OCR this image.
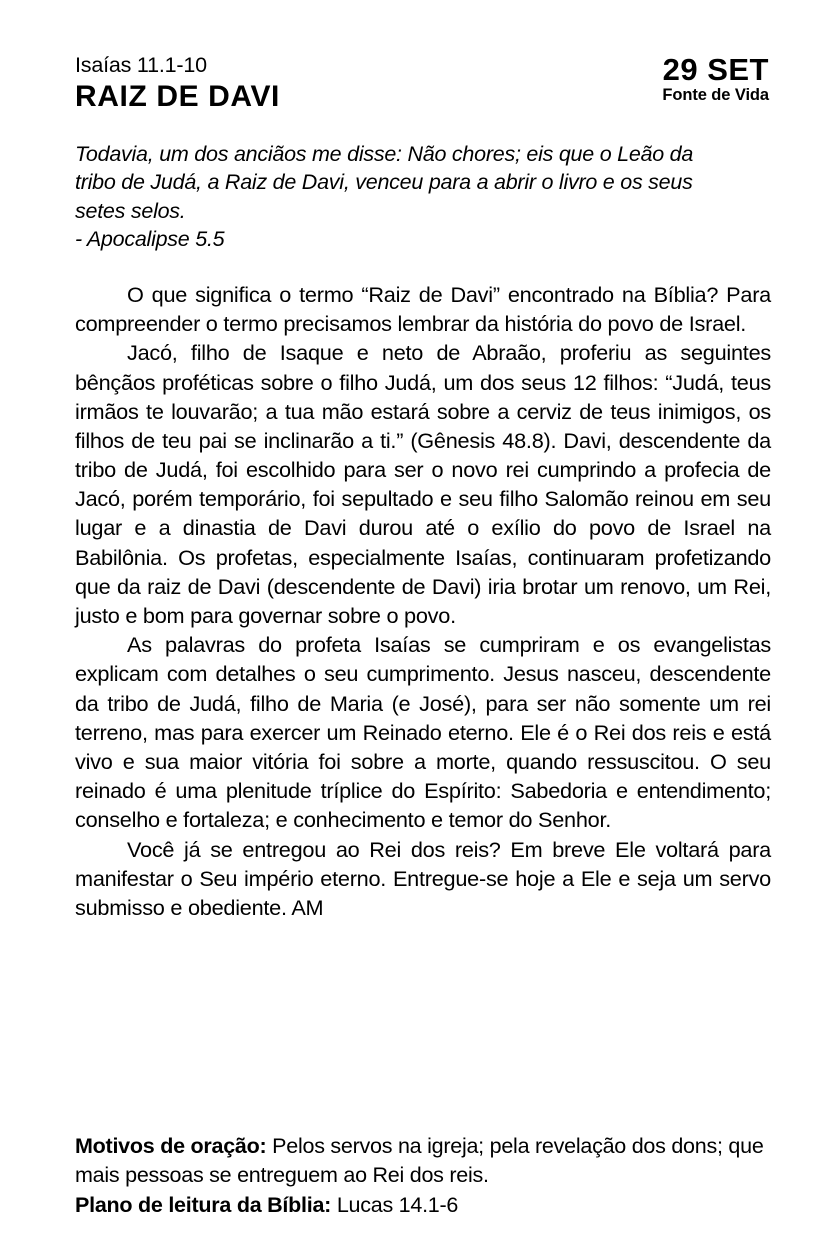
Isaías 11.1-10
RAIZ DE DAVI
29 SET
Fonte de Vida
Todavia, um dos anciãos me disse: Não chores; eis que o Leão da tribo de Judá, a Raiz de Davi, venceu para a abrir o livro e os seus setes selos.
- Apocalipse 5.5

O que significa o termo “Raiz de Davi” encontrado na Bíblia? Para compreender o termo precisamos lembrar da história do povo de Israel.

Jacó, filho de Isaque e neto de Abraão, proferiu as seguintes bênçãos proféticas sobre o filho Judá, um dos seus 12 filhos: “Judá, teus irmãos te louvarão; a tua mão estará sobre a cerviz de teus inimigos, os filhos de teu pai se inclinarão a ti.” (Gênesis 48.8). Davi, descendente da tribo de Judá, foi escolhido para ser o novo rei cumprindo a profecia de Jacó, porém temporário, foi sepultado e seu filho Salomão reinou em seu lugar e a dinastia de Davi durou até o exílio do povo de Israel na Babilônia. Os profetas, especialmente Isaías, continuaram profetizando que da raiz de Davi (descendente de Davi) iria brotar um renovo, um Rei, justo e bom para governar sobre o povo.

As palavras do profeta Isaías se cumpriram e os evangelistas explicam com detalhes o seu cumprimento. Jesus nasceu, descendente da tribo de Judá, filho de Maria (e José), para ser não somente um rei terreno, mas para exercer um Reinado eterno. Ele é o Rei dos reis e está vivo e sua maior vitória foi sobre a morte, quando ressuscitou. O seu reinado é uma plenitude tríplice do Espírito: Sabedoria e entendimento; conselho e fortaleza; e conhecimento e temor do Senhor.

Você já se entregou ao Rei dos reis? Em breve Ele voltará para manifestar o Seu império eterno. Entregue-se hoje a Ele e seja um servo submisso e obediente. AM

Motivos de oração: Pelos servos na igreja; pela revelação dos dons; que mais pessoas se entreguem ao Rei dos reis.

Plano de leitura da Bíblia: Lucas 14.1-6
